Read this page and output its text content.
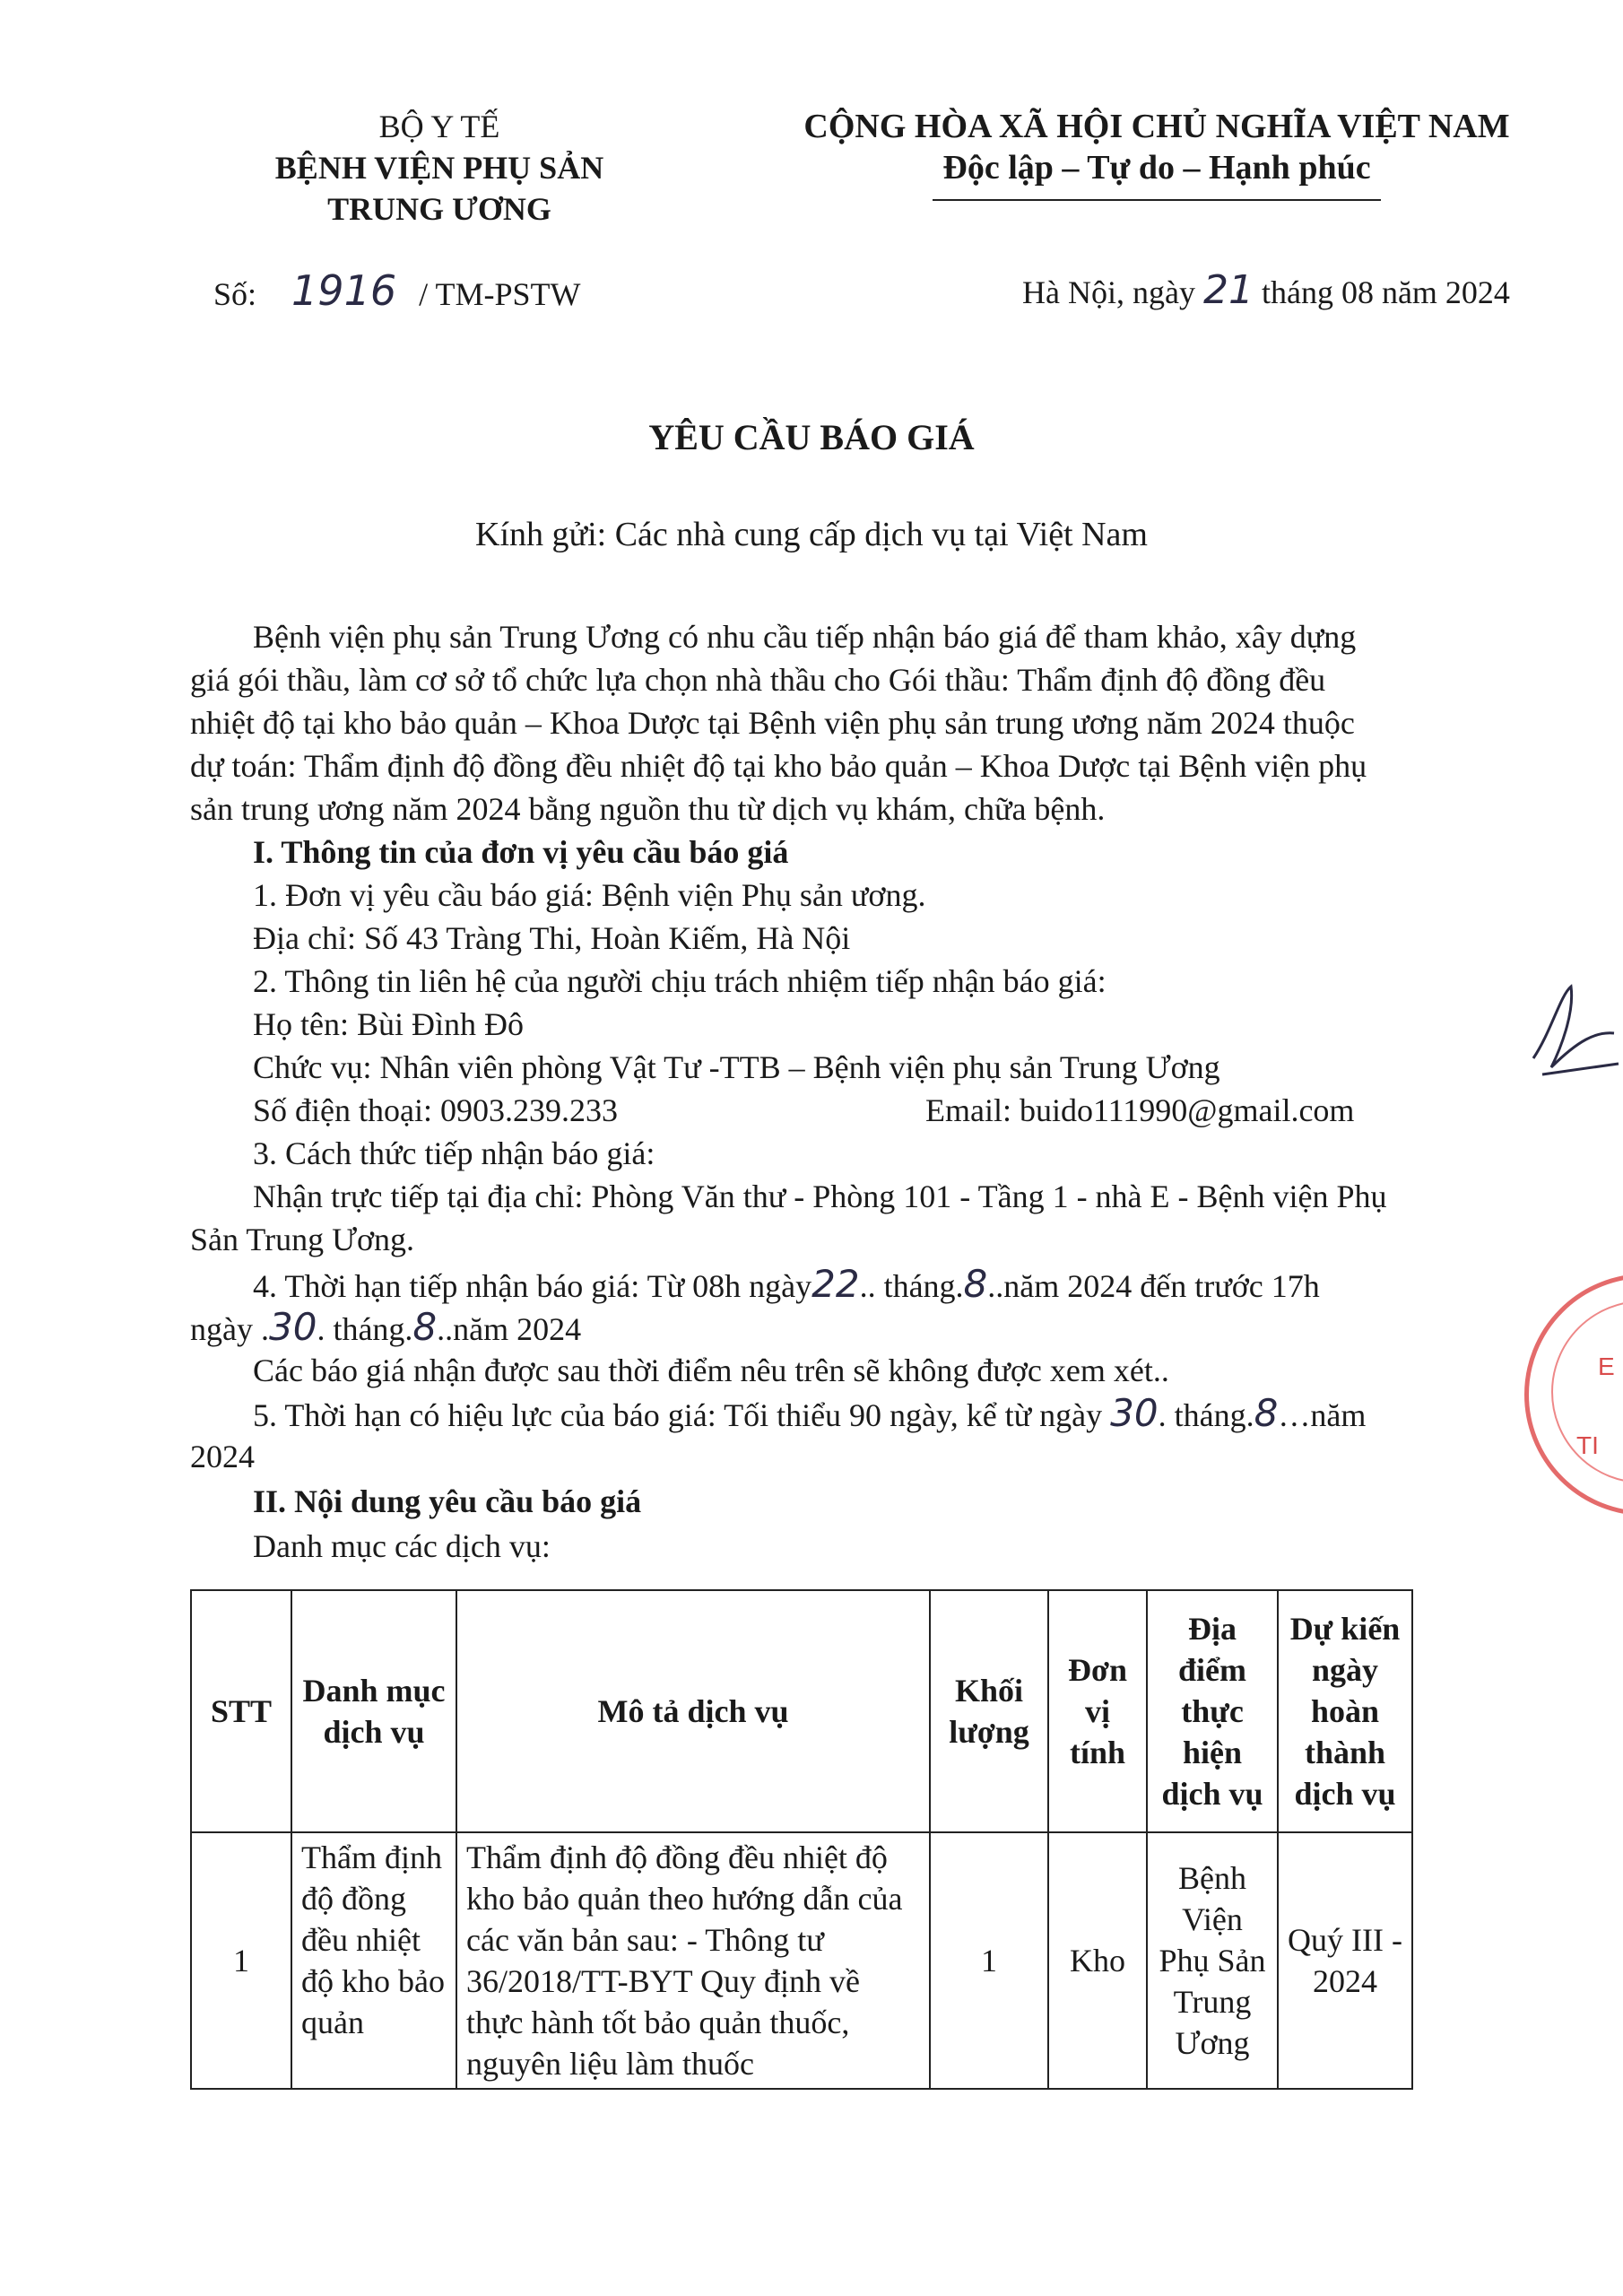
BỘ Y TẾ
BỆNH VIỆN PHỤ SẢN
TRUNG ƯƠNG
CỘNG HÒA XÃ HỘI CHỦ NGHĨA VIỆT NAM
Độc lập – Tự do – Hạnh phúc
Số: 1916 / TM-PSTW	Hà Nội, ngày 21 tháng 08 năm 2024
YÊU CẦU BÁO GIÁ
Kính gửi: Các nhà cung cấp dịch vụ tại Việt Nam
Bệnh viện phụ sản Trung Ương có nhu cầu tiếp nhận báo giá để tham khảo, xây dựng
giá gói thầu, làm cơ sở tổ chức lựa chọn nhà thầu cho Gói thầu: Thẩm định độ đồng đều
nhiệt độ tại kho bảo quản – Khoa Dược tại Bệnh viện phụ sản trung ương năm 2024 thuộc
dự toán: Thẩm định độ đồng đều nhiệt độ tại kho bảo quản – Khoa Dược tại Bệnh viện phụ
sản trung ương năm 2024 bằng nguồn thu từ dịch vụ khám, chữa bệnh.
I. Thông tin của đơn vị yêu cầu báo giá
1. Đơn vị yêu cầu báo giá: Bệnh viện Phụ sản ương.
Địa chỉ: Số 43 Tràng Thi, Hoàn Kiếm, Hà Nội
2. Thông tin liên hệ của người chịu trách nhiệm tiếp nhận báo giá:
Họ tên: Bùi Đình Đô
Chức vụ: Nhân viên phòng Vật Tư -TTB – Bệnh viện phụ sản Trung Ương
Số điện thoại: 0903.239.233	Email: buido111990@gmail.com
3. Cách thức tiếp nhận báo giá:
Nhận trực tiếp tại địa chỉ: Phòng Văn thư - Phòng 101 - Tầng 1 - nhà E - Bệnh viện Phụ
Sản Trung Ương.
4. Thời hạn tiếp nhận báo giá: Từ 08h ngày22.. tháng.8..năm 2024 đến trước 17h
ngày .30. tháng.8..năm 2024
Các báo giá nhận được sau thời điểm nêu trên sẽ không được xem xét..
5. Thời hạn có hiệu lực của báo giá: Tối thiểu 90 ngày, kể từ ngày 30. tháng.8…năm
2024
II. Nội dung yêu cầu báo giá
Danh mục các dịch vụ:
STT	Danh mục dịch vụ	Mô tả dịch vụ	Khối lượng	Đơn vị tính	Địa điểm thực hiện dịch vụ	Dự kiến ngày hoàn thành dịch vụ
1	Thẩm định độ đồng đều nhiệt độ kho bảo quản	Thẩm định độ đồng đều nhiệt độ kho bảo quản theo hướng dẫn của các văn bản sau: - Thông tư 36/2018/TT-BYT Quy định về thực hành tốt bảo quản thuốc, nguyên liệu làm thuốc	1	Kho	Bệnh Viện Phụ Sản Trung Ương	Quý III - 2024
E
TI
